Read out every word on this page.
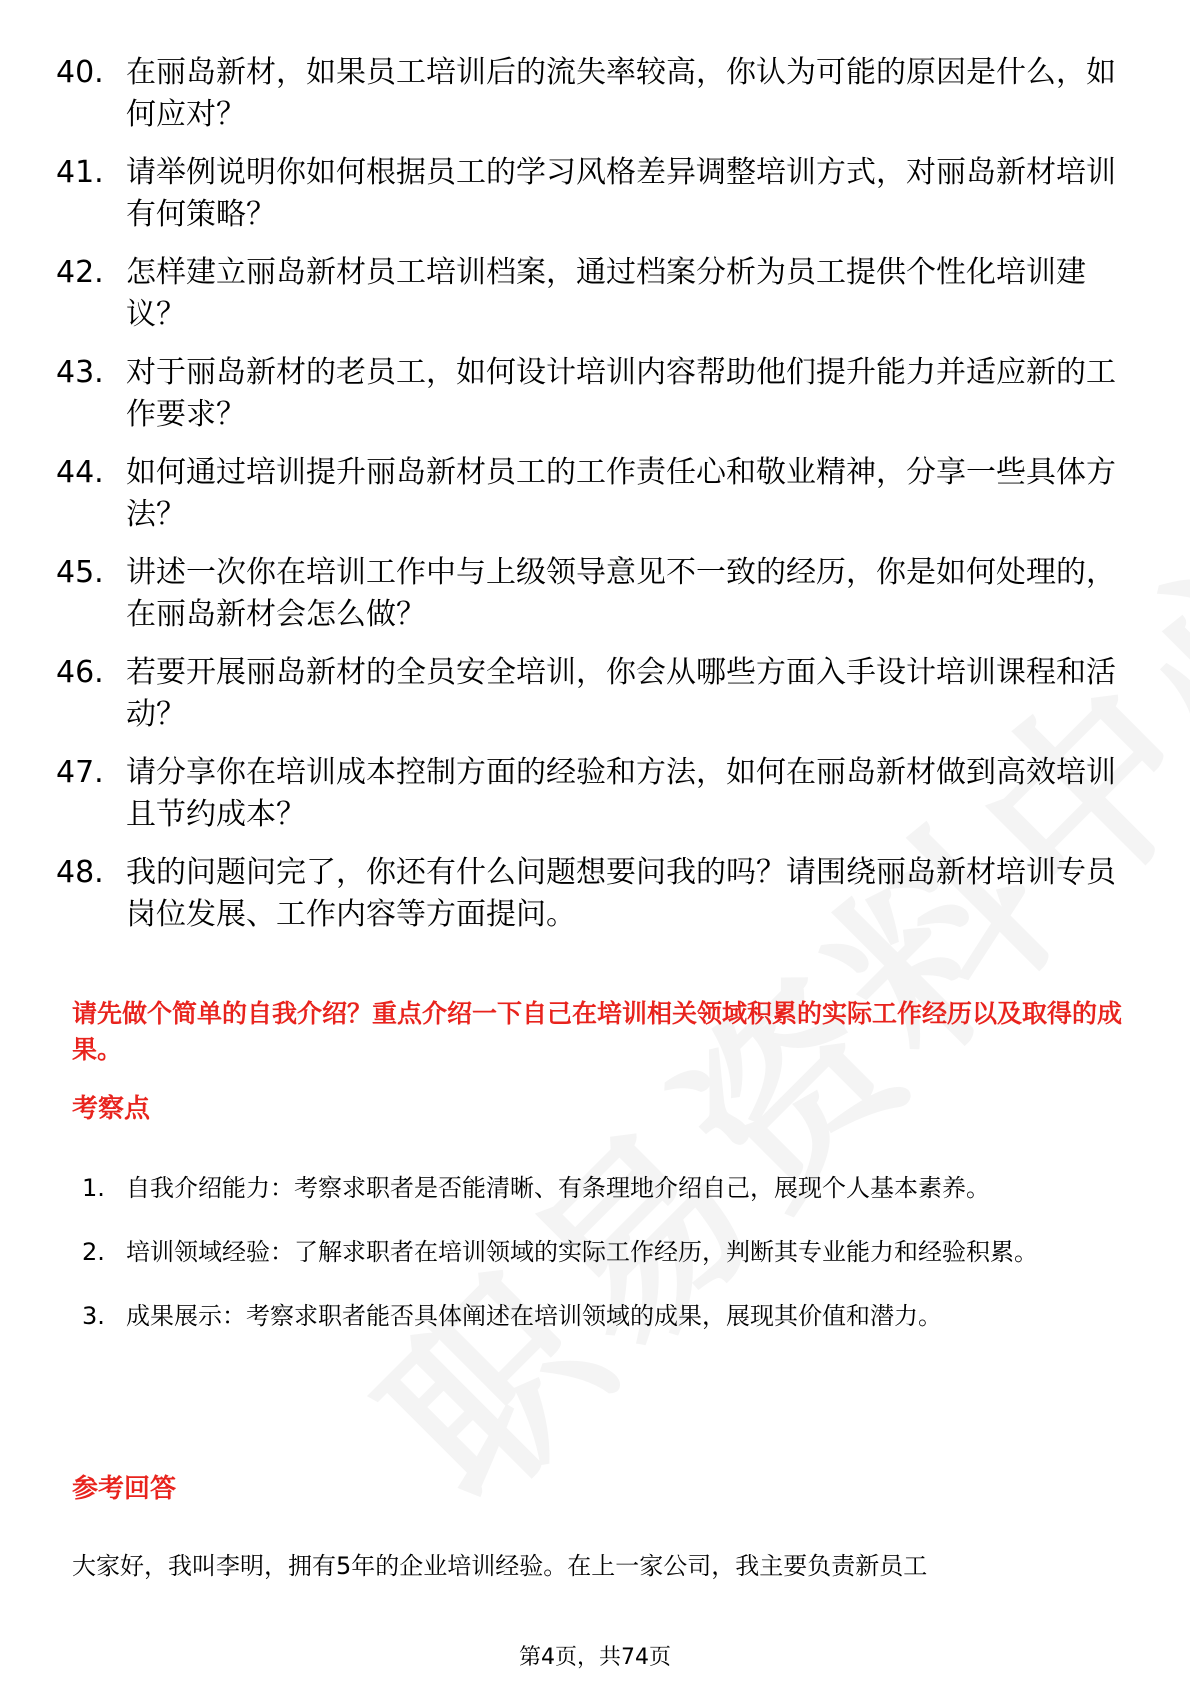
40. 在丽岛新材，如果员工培训后的流失率较高，你认为可能的原因是什么，如何应对？
41. 请举例说明你如何根据员工的学习风格差异调整培训方式，对丽岛新材培训有何策略？
42. 怎样建立丽岛新材员工培训档案，通过档案分析为员工提供个性化培训建议？
43. 对于丽岛新材的老员工，如何设计培训内容帮助他们提升能力并适应新的工作要求？
44. 如何通过培训提升丽岛新材员工的工作责任心和敬业精神，分享一些具体方法？
45. 讲述一次你在培训工作中与上级领导意见不一致的经历，你是如何处理的，在丽岛新材会怎么做？
46. 若要开展丽岛新材的全员安全培训，你会从哪些方面入手设计培训课程和活动？
47. 请分享你在培训成本控制方面的经验和方法，如何在丽岛新材做到高效培训且节约成本？
48. 我的问题问完了，你还有什么问题想要问我的吗？请围绕丽岛新材培训专员岗位发展、工作内容等方面提问。
请先做个简单的自我介绍？重点介绍一下自己在培训相关领域积累的实际工作经历以及取得的成果。
考察点
1. 自我介绍能力：考察求职者是否能清晰、有条理地介绍自己，展现个人基本素养。
2. 培训领域经验：了解求职者在培训领域的实际工作经历，判断其专业能力和经验积累。
3. 成果展示：考察求职者能否具体阐述在培训领域的成果，展现其价值和潜力。
参考回答
大家好，我叫李明，拥有5年的企业培训经验。在上一家公司，我主要负责新员工
第4页，共74页
